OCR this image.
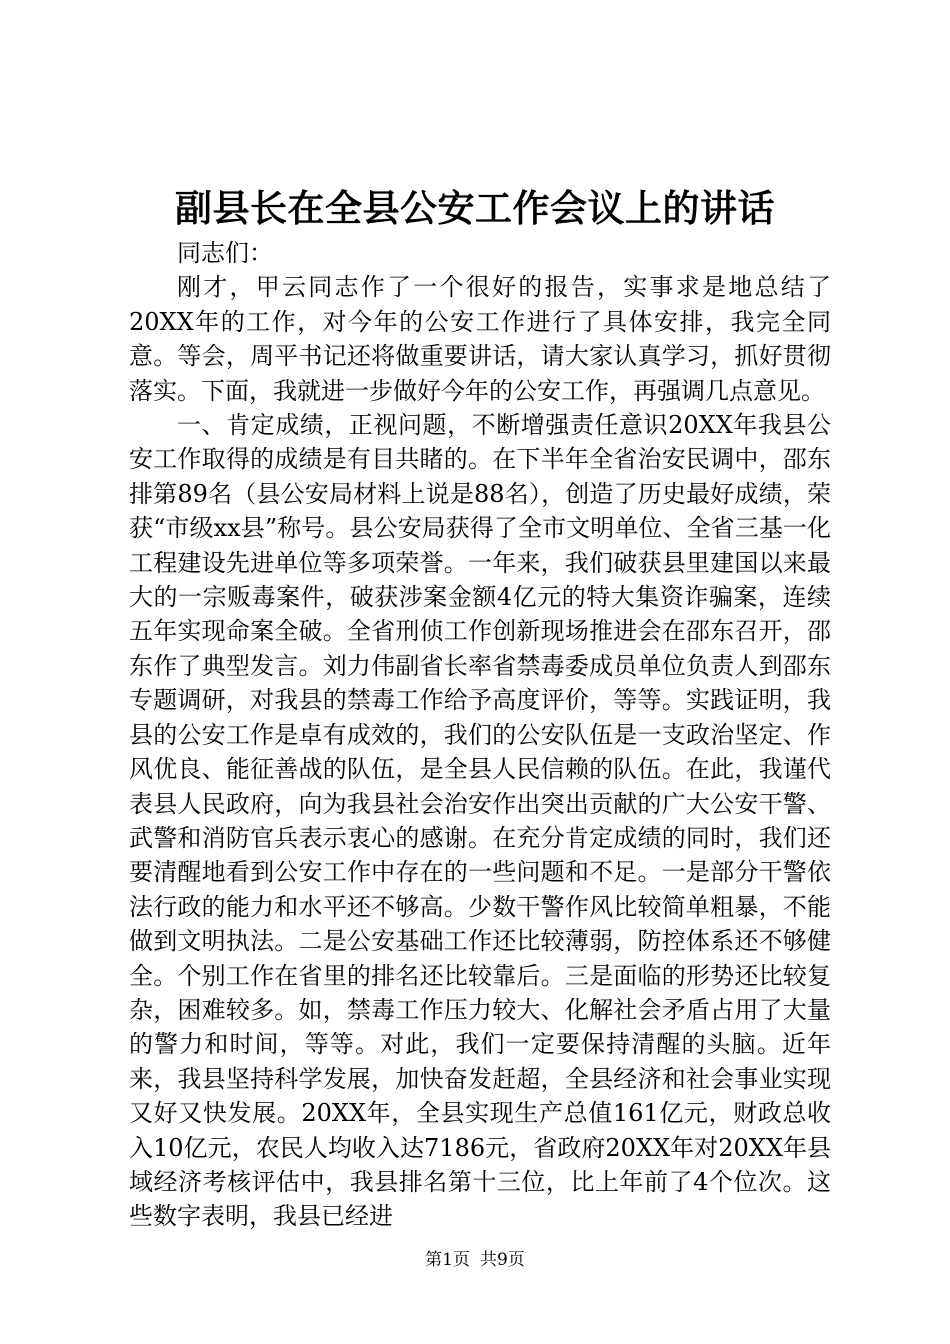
副县长在全县公安工作会议上的讲话

同志们：

刚才，甲云同志作了一个很好的报告，实事求是地总结了20XX年的工作，对今年的公安工作进行了具体安排，我完全同意。等会，周平书记还将做重要讲话，请大家认真学习，抓好贯彻落实。下面，我就进一步做好今年的公安工作，再强调几点意见。

一、肯定成绩，正视问题，不断增强责任意识20XX年我县公安工作取得的成绩是有目共睹的。在下半年全省治安民调中，邵东排第89名（县公安局材料上说是88名），创造了历史最好成绩，荣获“市级xx县”称号。县公安局获得了全市文明单位、全省三基一化工程建设先进单位等多项荣誉。一年来，我们破获县里建国以来最大的一宗贩毒案件，破获涉案金额4亿元的特大集资诈骗案，连续五年实现命案全破。全省刑侦工作创新现场推进会在邵东召开，邵东作了典型发言。刘力伟副省长率省禁毒委成员单位负责人到邵东专题调研，对我县的禁毒工作给予高度评价，等等。实践证明，我县的公安工作是卓有成效的，我们的公安队伍是一支政治坚定、作风优良、能征善战的队伍，是全县人民信赖的队伍。在此，我谨代表县人民政府，向为我县社会治安作出突出贡献的广大公安干警、武警和消防官兵表示衷心的感谢。在充分肯定成绩的同时，我们还要清醒地看到公安工作中存在的一些问题和不足。一是部分干警依法行政的能力和水平还不够高。少数干警作风比较简单粗暴，不能做到文明执法。二是公安基础工作还比较薄弱，防控体系还不够健全。个别工作在省里的排名还比较靠后。三是面临的形势还比较复杂，困难较多。如，禁毒工作压力较大、化解社会矛盾占用了大量的警力和时间，等等。对此，我们一定要保持清醒的头脑。近年来，我县坚持科学发展，加快奋发赶超，全县经济和社会事业实现又好又快发展。20XX年，全县实现生产总值161亿元，财政总收入10亿元，农民人均收入达7186元，省政府20XX年对20XX年县域经济考核评估中，我县排名第十三位，比上年前了4个位次。这些数字表明，我县已经进

第1页 共9页
